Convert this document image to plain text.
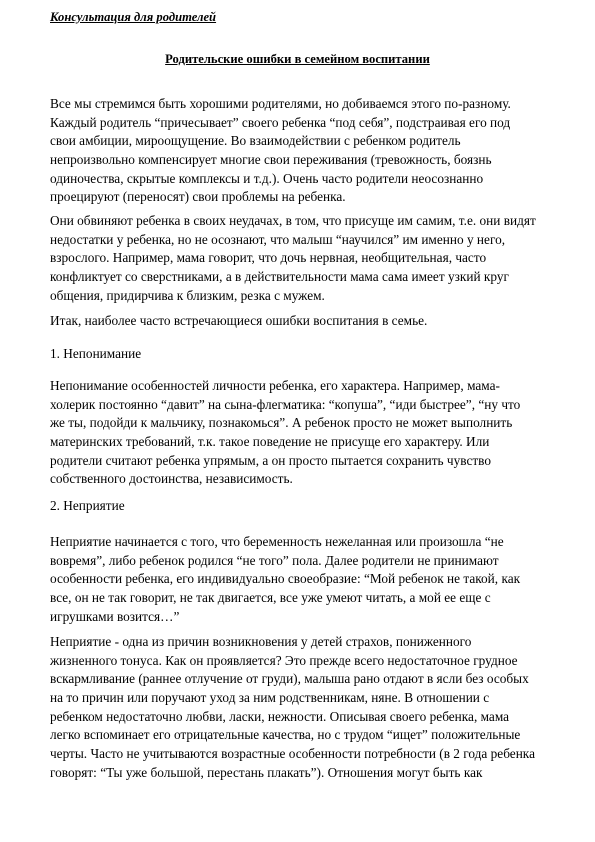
Консультация для родителей
Родительские ошибки в семейном воспитании
Все мы стремимся быть хорошими родителями, но добиваемся этого по-разному.
Каждый родитель “причесывает” своего ребенка “под себя”, подстраивая его под
свои амбиции, мироощущение. Во взаимодействии с ребенком родитель
непроизвольно компенсирует многие свои переживания (тревожность, боязнь
одиночества, скрытые комплексы и т.д.). Очень часто родители неосознанно
проецируют (переносят) свои проблемы на ребенка.
Они обвиняют ребенка в своих неудачах, в том, что присуще им самим, т.е. они видят
недостатки у ребенка, но не осознают, что малыш “научился” им именно у него,
взрослого. Например, мама говорит, что дочь нервная, необщительная, часто
конфликтует со сверстниками, а в действительности мама сама имеет узкий круг
общения, придирчива к близким, резка с мужем.
Итак, наиболее часто встречающиеся ошибки воспитания в семье.
1. Непонимание
Непонимание особенностей личности ребенка, его характера. Например, мама-
холерик постоянно “давит” на сына-флегматика: “копуша”, “иди быстрее”, “ну что
же ты, подойди к мальчику, познакомься”. А ребенок просто не может выполнить
материнских требований, т.к. такое поведение не присуще его характеру. Или
родители считают ребенка упрямым, а он просто пытается сохранить чувство
собственного достоинства, независимость.
2. Неприятие
Неприятие начинается с того, что беременность нежеланная или произошла “не
вовремя”, либо ребенок родился “не того” пола. Далее родители не принимают
особенности ребенка, его индивидуально своеобразие: “Мой ребенок не такой, как
все, он не так говорит, не так двигается, все уже умеют читать, а мой ее еще с
игрушками возится…”
Неприятие - одна из причин возникновения у детей страхов, пониженного
жизненного тонуса. Как он проявляется? Это прежде всего недостаточное грудное
вскармливание (раннее отлучение от груди), малыша рано отдают в ясли без особых
на то причин или поручают уход за ним родственникам, няне. В отношении с
ребенком недостаточно любви, ласки, нежности. Описывая своего ребенка, мама
легко вспоминает его отрицательные качества, но с трудом “ищет” положительные
черты. Часто не учитываются возрастные особенности потребности (в 2 года ребенка
говорят: “Ты уже большой, перестань плакать”). Отношения могут быть как
